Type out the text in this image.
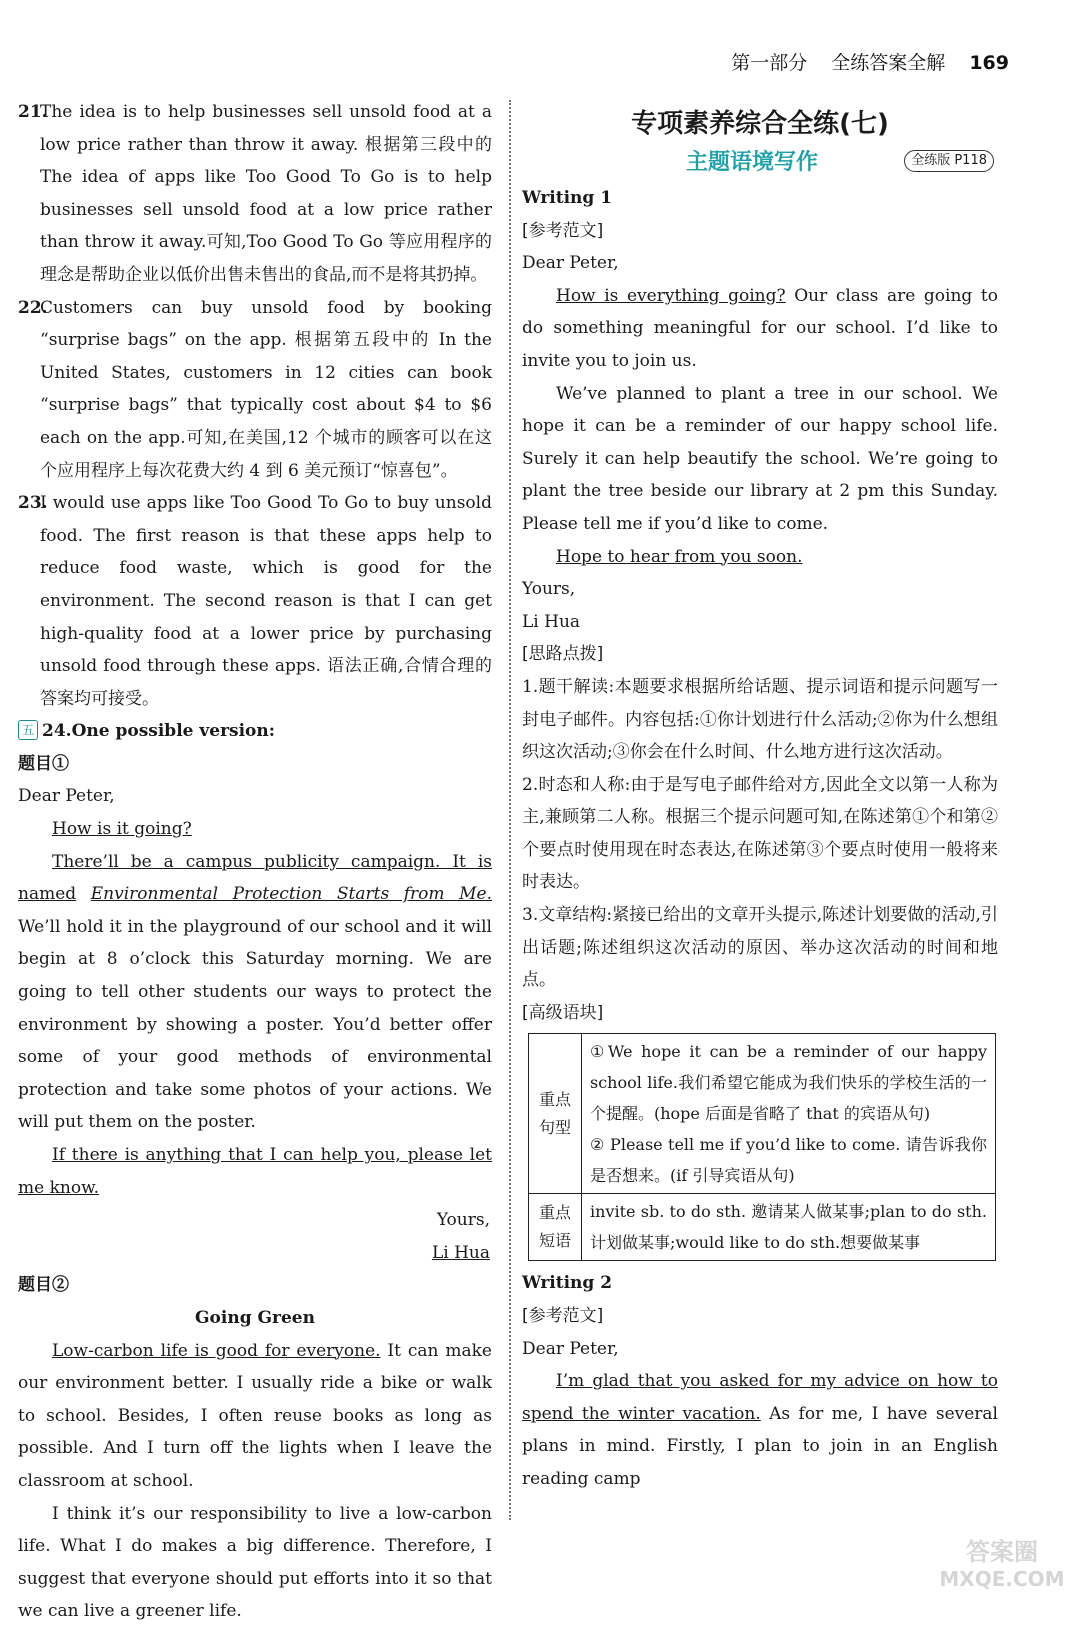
第一部分 全练答案全解 169
21.
The idea is to help businesses sell unsold food at a low price rather than throw it away. 根据第三段中的 The idea of apps like Too Good To Go is to help businesses sell unsold food at a low price rather than throw it away.可知,Too Good To Go 等应用程序的理念是帮助企业以低价出售未售出的食品,而不是将其扔掉。
22.
Customers can buy unsold food by booking “surprise bags” on the app. 根据第五段中的 In the United States, customers in 12 cities can book “surprise bags” that typically cost about $4 to $6 each on the app.可知,在美国,12 个城市的顾客可以在这个应用程序上每次花费大约 4 到 6 美元预订“惊喜包”。
23.
I would use apps like Too Good To Go to buy unsold food. The first reason is that these apps help to reduce food waste, which is good for the environment. The second reason is that I can get high-quality food at a lower price by purchasing unsold food through these apps. 语法正确,合情合理的答案均可接受。
五 24.One possible version:
题目①
Dear Peter,
How is it going?
There’ll be a campus publicity campaign. It is named Environmental Protection Starts from Me. We’ll hold it in the playground of our school and it will begin at 8 o’clock this Saturday morning. We are going to tell other students our ways to protect the environment by showing a poster. You’d better offer some of your good methods of environmental protection and take some photos of your actions. We will put them on the poster.
If there is anything that I can help you, please let me know.
Yours,
Li Hua
题目②
Going Green
Low-carbon life is good for everyone. It can make our environment better. I usually ride a bike or walk to school. Besides, I often reuse books as long as possible. And I turn off the lights when I leave the classroom at school.
I think it’s our responsibility to live a low-carbon life. What I do makes a big difference. Therefore, I suggest that everyone should put efforts into it so that we can live a greener life.
专项素养综合全练(七)
主题语境写作	全练版 P118
Writing 1
[参考范文]
Dear Peter,
How is everything going? Our class are going to do something meaningful for our school. I’d like to invite you to join us.
We’ve planned to plant a tree in our school. We hope it can be a reminder of our happy school life. Surely it can help beautify the school. We’re going to plant the tree beside our library at 2 pm this Sunday. Please tell me if you’d like to come.
Hope to hear from you soon.
Yours,
Li Hua
[思路点拨]
1.题干解读:本题要求根据所给话题、提示词语和提示问题写一封电子邮件。内容包括:①你计划进行什么活动;②你为什么想组织这次活动;③你会在什么时间、什么地方进行这次活动。
2.时态和人称:由于是写电子邮件给对方,因此全文以第一人称为主,兼顾第二人称。根据三个提示问题可知,在陈述第①个和第②个要点时使用现在时态表达,在陈述第③个要点时使用一般将来时表达。
3.文章结构:紧接已给出的文章开头提示,陈述计划要做的活动,引出话题;陈述组织这次活动的原因、举办这次活动的时间和地点。
[高级语块]
重点句型	①We hope it can be a reminder of our happy school life.我们希望它能成为我们快乐的学校生活的一个提醒。(hope 后面是省略了 that 的宾语从句)
② Please tell me if you’d like to come. 请告诉我你是否想来。(if 引导宾语从句)

重点短语	invite sb. to do sth. 邀请某人做某事;plan to do sth.计划做某事;would like to do sth.想要做某事
Writing 2
[参考范文]
Dear Peter,
I’m glad that you asked for my advice on how to spend the winter vacation. As for me, I have several plans in mind. Firstly, I plan to join in an English reading camp
答案圈
MXQE.COM
